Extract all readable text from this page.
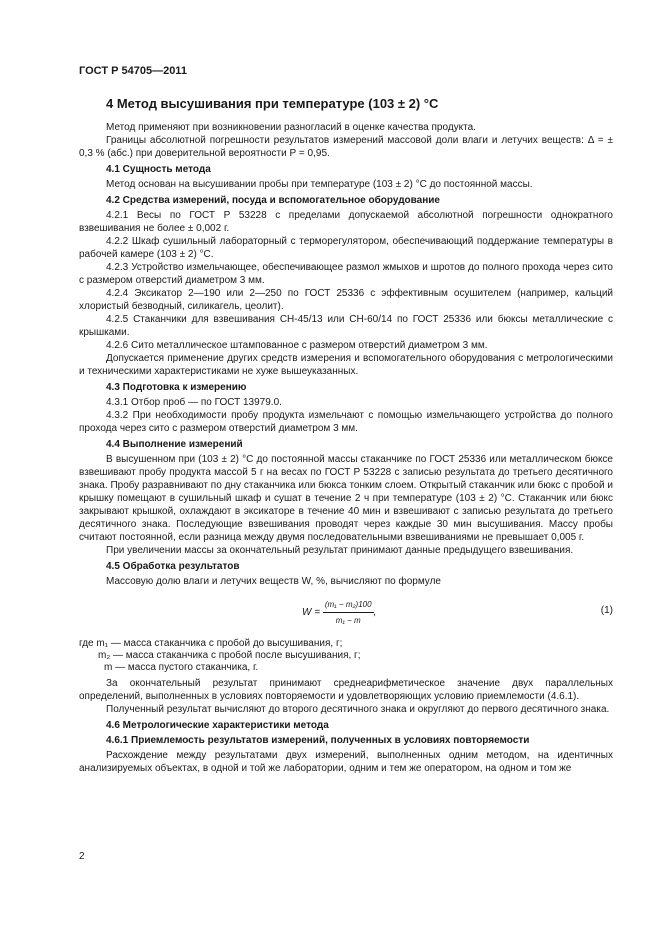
ГОСТ Р 54705—2011
4 Метод высушивания при температуре (103 ± 2) °С

Метод применяют при возникновении разногласий в оценке качества продукта.

Границы абсолютной погрешности результатов измерений массовой доли влаги и летучих веществ: Δ = ± 0,3 % (абс.) при доверительной вероятности Р = 0,95.

4.1 Сущность метода

Метод основан на высушивании пробы при температуре (103 ± 2) °С до постоянной массы.

4.2 Средства измерений, посуда и вспомогательное оборудование

4.2.1 Весы по ГОСТ Р 53228 с пределами допускаемой абсолютной погрешности однократного взвешивания не более ± 0,002 г.

4.2.2 Шкаф сушильный лабораторный с терморегулятором, обеспечивающий поддержание температуры в рабочей камере (103 ± 2) °С.

4.2.3 Устройство измельчающее, обеспечивающее размол жмыхов и шротов до полного прохода через сито с размером отверстий диаметром 3 мм.

4.2.4 Эксикатор 2—190 или 2—250 по ГОСТ 25336 с эффективным осушителем (например, кальций хлористый безводный, силикагель, цеолит).

4.2.5 Стаканчики для взвешивания СН-45/13 или СН-60/14 по ГОСТ 25336 или бюксы металлические с крышками.

4.2.6 Сито металлическое штампованное с размером отверстий диаметром 3 мм.

Допускается применение других средств измерения и вспомогательного оборудования с метрологическими и техническими характеристиками не хуже вышеуказанных.

4.3 Подготовка к измерению

4.3.1 Отбор проб — по ГОСТ 13979.0.

4.3.2 При необходимости пробу продукта измельчают с помощью измельчающего устройства до полного прохода через сито с размером отверстий диаметром 3 мм.

4.4 Выполнение измерений

В высушенном при (103 ± 2) °С до постоянной массы стаканчике по ГОСТ 25336 или металлическом бюксе взвешивают пробу продукта массой 5 г на весах по ГОСТ Р 53228 с записью результата до третьего десятичного знака. Пробу разравнивают по дну стаканчика или бюкса тонким слоем. Открытый стаканчик или бюкс с пробой и крышку помещают в сушильный шкаф и сушат в течение 2 ч при температуре (103 ± 2) °С. Стаканчик или бюкс закрывают крышкой, охлаждают в эксикаторе в течение 40 мин и взвешивают с записью результата до третьего десятичного знака. Последующие взвешивания проводят через каждые 30 мин высушивания. Массу пробы считают постоянной, если разница между двумя последовательными взвешиваниями не превышает 0,005 г.

При увеличении массы за окончательный результат принимают данные предыдущего взвешивания.

4.5 Обработка результатов

Массовую долю влаги и летучих веществ W, %, вычисляют по формуле

$W = \frac{\text{(m₁ − m₂)100}}{\text{m₁ − m}}$ ,	(1)
где m₁ — масса стаканчика с пробой до высушивания, г;
m₂ — масса стаканчика с пробой после высушивания, г;
m — масса пустого стаканчика, г.

За окончательный результат принимают среднеарифметическое значение двух параллельных определений, выполненных в условиях повторяемости и удовлетворяющих условию приемлемости (4.6.1).

Полученный результат вычисляют до второго десятичного знака и округляют до первого десятичного знака.

4.6 Метрологические характеристики метода
4.6.1 Приемлемость результатов измерений, полученных в условиях повторяемости

Расхождение между результатами двух измерений, выполненных одним методом, на идентичных анализируемых объектах, в одной и той же лаборатории, одним и тем же оператором, на одном и том же

2
